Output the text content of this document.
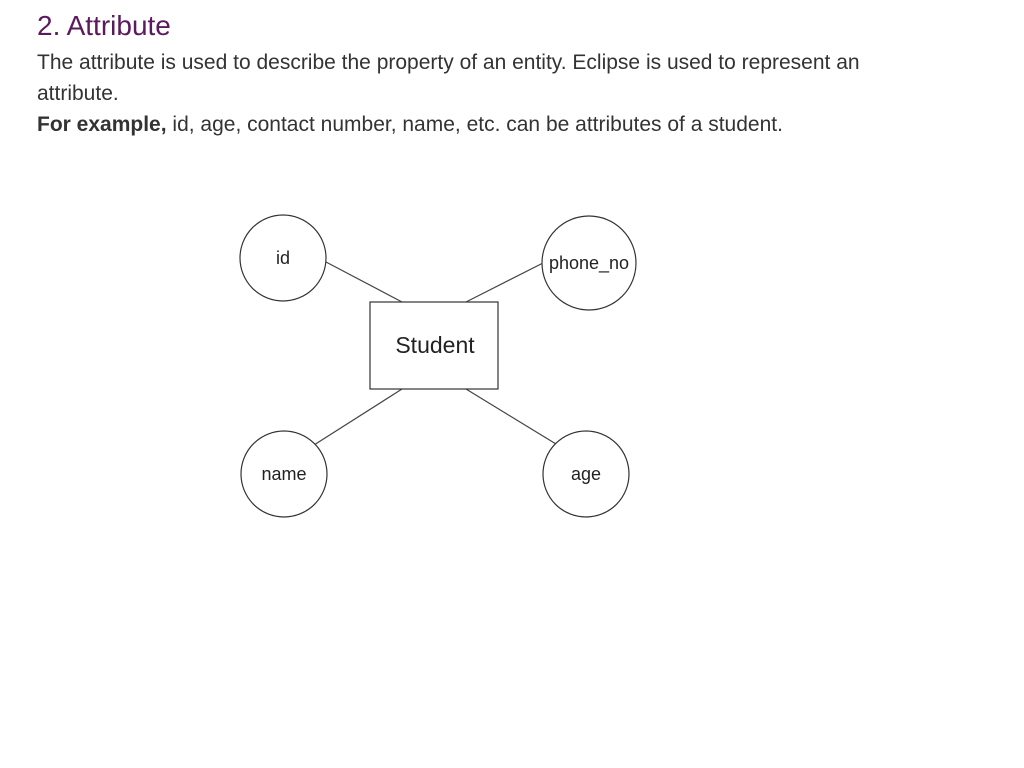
2. Attribute
The attribute is used to describe the property of an entity. Eclipse is used to represent an
attribute.
For example, id, age, contact number, name, etc. can be attributes of a student.
Student
id	phone_no
name	age
